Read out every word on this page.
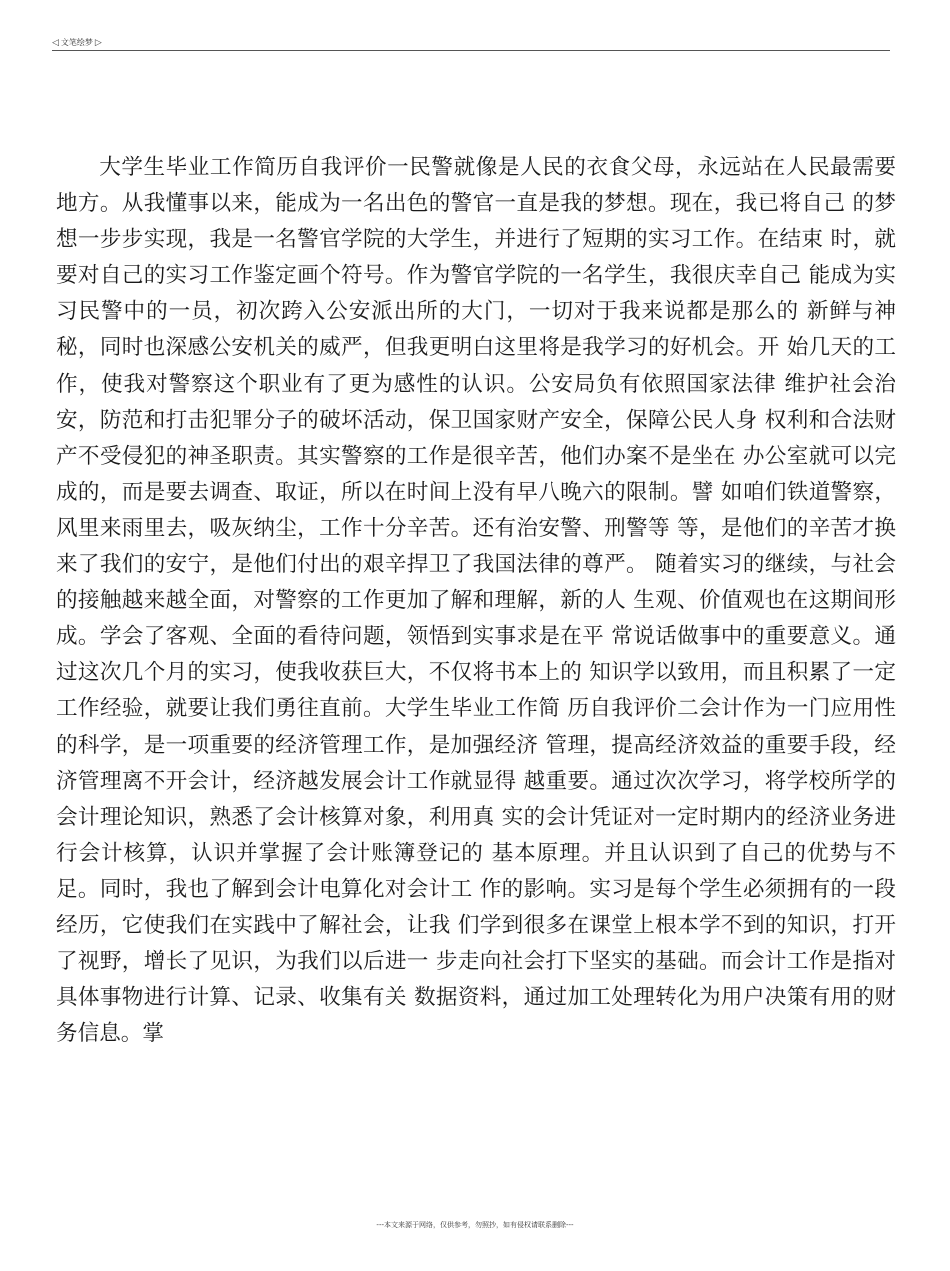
◁ 文笔绘梦 ▷

大学生毕业工作简历自我评价一民警就像是人民的衣食父母，永远站在人民最需要地方。从我懂事以来，能成为一名出色的警官一直是我的梦想。现在，我已将自己 的梦想一步步实现，我是一名警官学院的大学生，并进行了短期的实习工作。在结束 时，就要对自己的实习工作鉴定画个符号。作为警官学院的一名学生，我很庆幸自己 能成为实习民警中的一员，初次跨入公安派出所的大门，一切对于我来说都是那么的 新鲜与神秘，同时也深感公安机关的威严，但我更明白这里将是我学习的好机会。开 始几天的工作，使我对警察这个职业有了更为感性的认识。公安局负有依照国家法律 维护社会治安，防范和打击犯罪分子的破坏活动，保卫国家财产安全，保障公民人身 权利和合法财产不受侵犯的神圣职责。其实警察的工作是很辛苦，他们办案不是坐在 办公室就可以完成的，而是要去调查、取证，所以在时间上没有早八晚六的限制。譬 如咱们铁道警察，风里来雨里去，吸灰纳尘，工作十分辛苦。还有治安警、刑警等 等，是他们的辛苦才换来了我们的安宁，是他们付出的艰辛捍卫了我国法律的尊严。 随着实习的继续，与社会的接触越来越全面，对警察的工作更加了解和理解，新的人 生观、价值观也在这期间形成。学会了客观、全面的看待问题，领悟到实事求是在平 常说话做事中的重要意义。通过这次几个月的实习，使我收获巨大，不仅将书本上的 知识学以致用，而且积累了一定工作经验，就要让我们勇往直前。大学生毕业工作简 历自我评价二会计作为一门应用性的科学，是一项重要的经济管理工作，是加强经济 管理，提高经济效益的重要手段，经济管理离不开会计，经济越发展会计工作就显得 越重要。通过次次学习，将学校所学的会计理论知识，熟悉了会计核算对象，利用真 实的会计凭证对一定时期内的经济业务进行会计核算，认识并掌握了会计账簿登记的 基本原理。并且认识到了自己的优势与不足。同时，我也了解到会计电算化对会计工 作的影响。实习是每个学生必须拥有的一段经历，它使我们在实践中了解社会，让我 们学到很多在课堂上根本学不到的知识，打开了视野，增长了见识，为我们以后进一 步走向社会打下坚实的基础。而会计工作是指对具体事物进行计算、记录、收集有关 数据资料，通过加工处理转化为用户决策有用的财务信息。掌

---本文来源于网络，仅供参考，勿照抄，如有侵权请联系删除---
